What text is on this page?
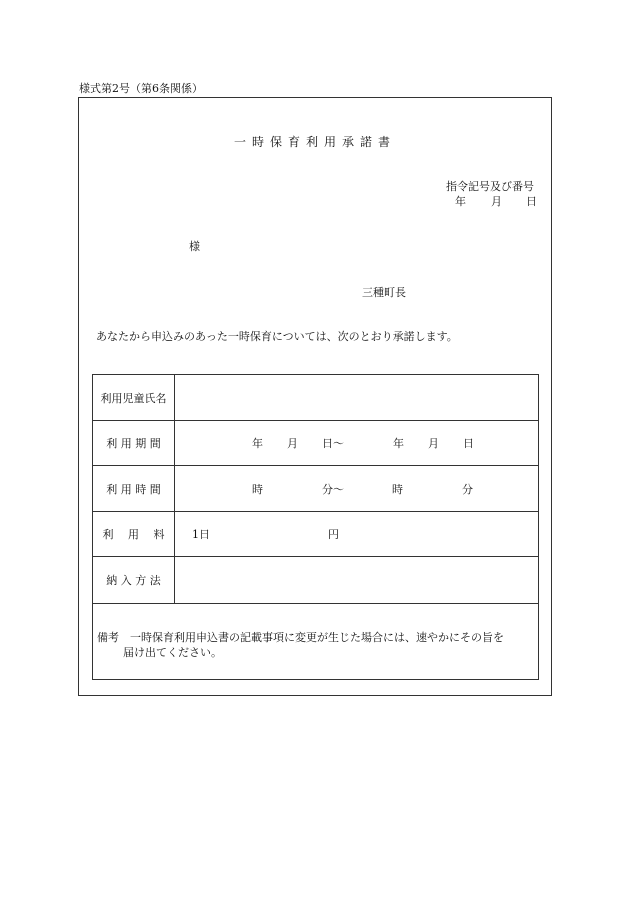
様式第2号（第6条関係）
一時保育利用承諾書
指令記号及び番号
年 月 日
様
三種町長
あなたから申込みのあった一時保育については、次のとおり承諾します。
利用児童氏名
利 用 期 間	年 月 日～	年 月 日
利 用 時 間	時	分～	時	分
利　 用　 料	1日	円
納 入 方 法
備考　一時保育利用申込書の記載事項に変更が生じた場合には、速やかにその旨を
届け出てください。
